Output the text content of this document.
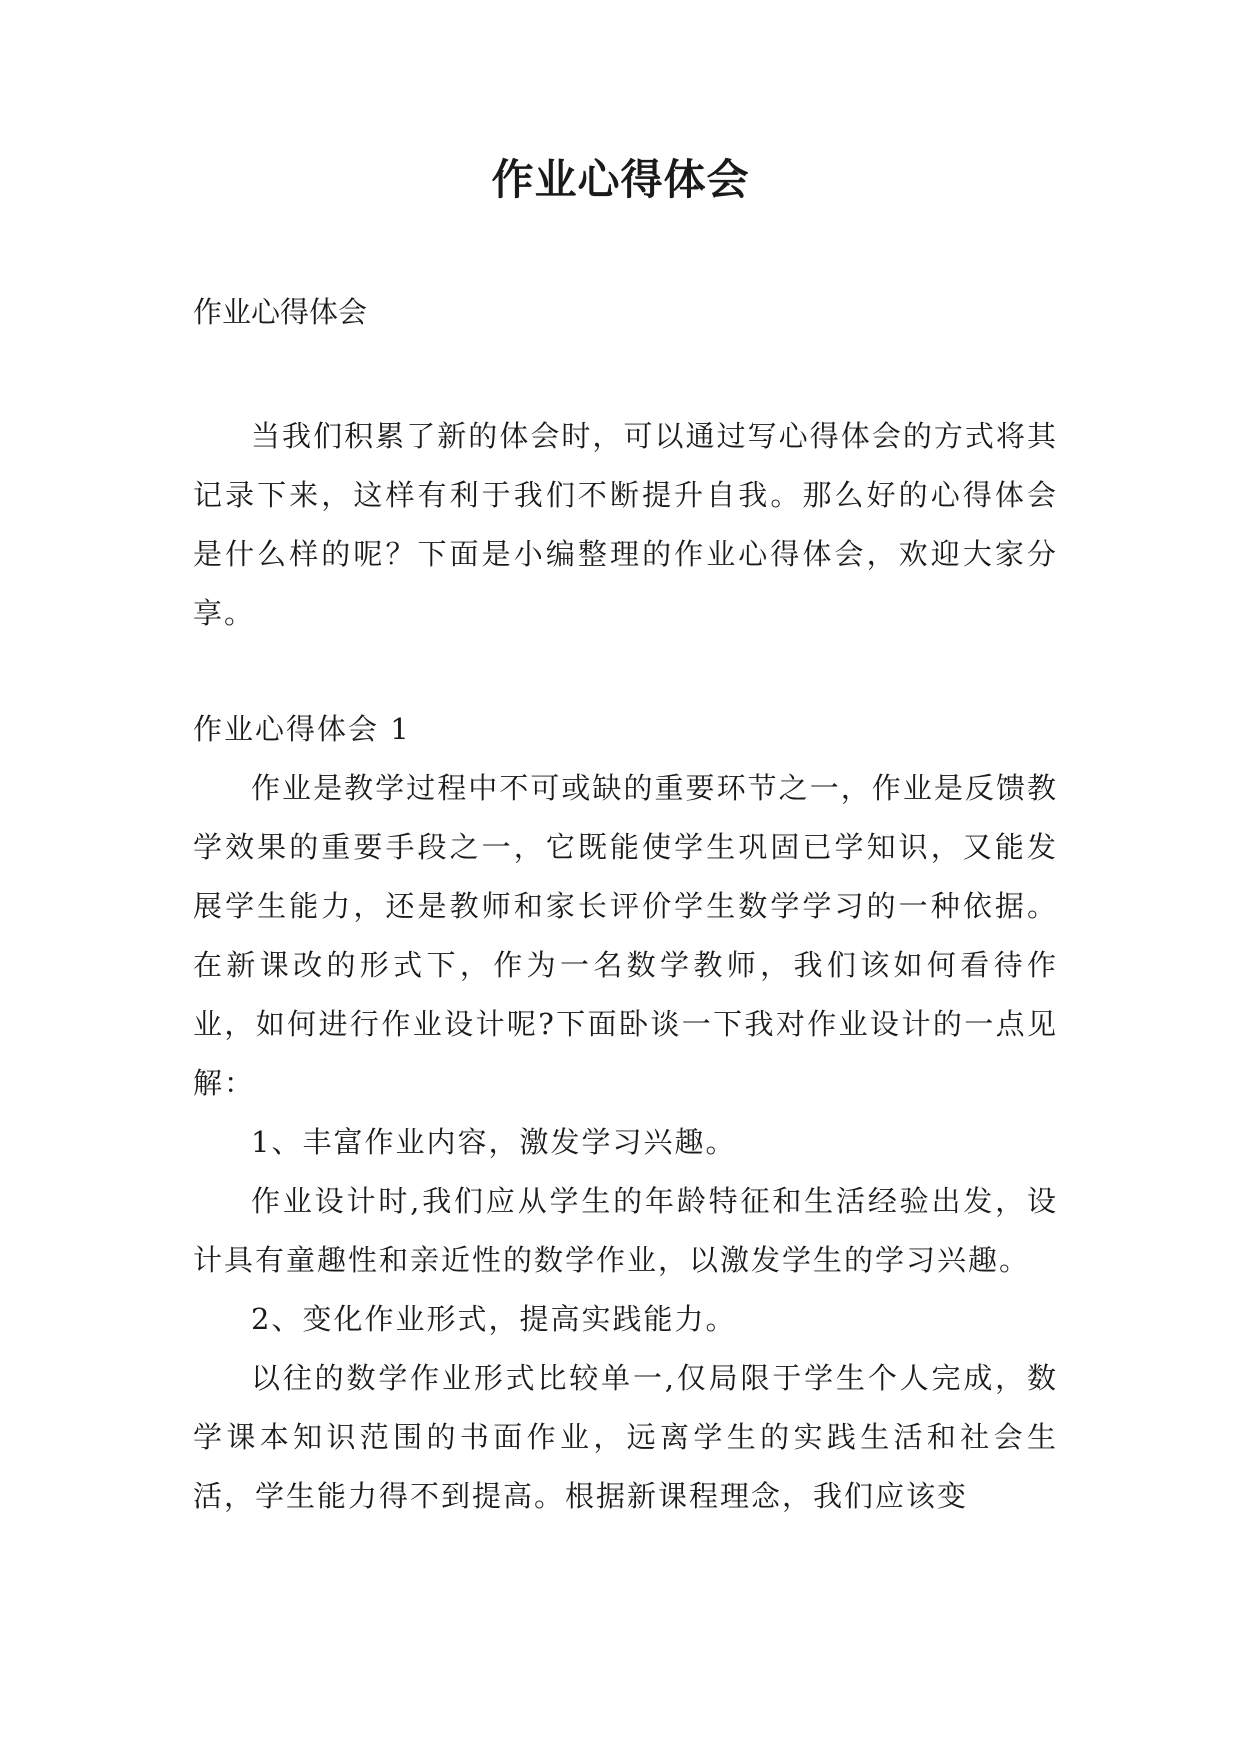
作业心得体会
作业心得体会

当我们积累了新的体会时，可以通过写心得体会的方式将其记录下来，这样有利于我们不断提升自我。那么好的心得体会是什么样的呢？下面是小编整理的作业心得体会，欢迎大家分享。

作业心得体会 1

作业是教学过程中不可或缺的重要环节之一，作业是反馈教学效果的重要手段之一，它既能使学生巩固已学知识，又能发展学生能力，还是教师和家长评价学生数学学习的一种依据。在新课改的形式下，作为一名数学教师，我们该如何看待作业，如何进行作业设计呢?下面卧谈一下我对作业设计的一点见解：

1、丰富作业内容，激发学习兴趣。

作业设计时,我们应从学生的年龄特征和生活经验出发，设计具有童趣性和亲近性的数学作业，以激发学生的学习兴趣。

2、变化作业形式，提高实践能力。

以往的数学作业形式比较单一,仅局限于学生个人完成，数学课本知识范围的书面作业，远离学生的实践生活和社会生活，学生能力得不到提高。根据新课程理念，我们应该变
